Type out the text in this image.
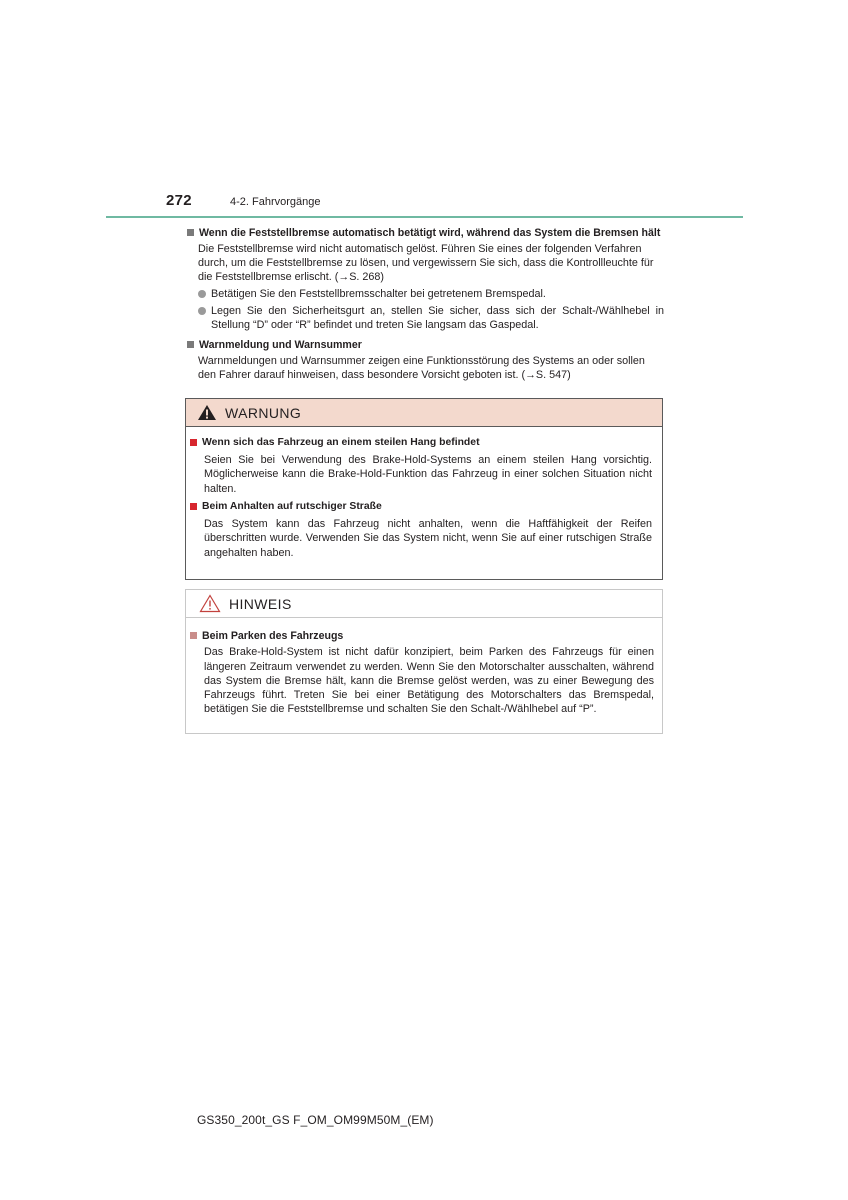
272	4-2. Fahrvorgänge
Wenn die Feststellbremse automatisch betätigt wird, während das System die Bremsen hält
Die Feststellbremse wird nicht automatisch gelöst. Führen Sie eines der folgenden Verfahren durch, um die Feststellbremse zu lösen, und vergewissern Sie sich, dass die Kontrollleuchte für die Feststellbremse erlischt. (→S. 268)
Betätigen Sie den Feststellbremsschalter bei getretenem Bremspedal.
Legen Sie den Sicherheitsgurt an, stellen Sie sicher, dass sich der Schalt-/Wählhebel in Stellung “D” oder “R” befindet und treten Sie langsam das Gaspedal.
Warnmeldung und Warnsummer
Warnmeldungen und Warnsummer zeigen eine Funktionsstörung des Systems an oder sollen den Fahrer darauf hinweisen, dass besondere Vorsicht geboten ist. (→S. 547)
WARNUNG
Wenn sich das Fahrzeug an einem steilen Hang befindet
Seien Sie bei Verwendung des Brake-Hold-Systems an einem steilen Hang vorsichtig. Möglicherweise kann die Brake-Hold-Funktion das Fahrzeug in einer solchen Situation nicht halten.
Beim Anhalten auf rutschiger Straße
Das System kann das Fahrzeug nicht anhalten, wenn die Haftfähigkeit der Reifen überschritten wurde. Verwenden Sie das System nicht, wenn Sie auf einer rutschigen Straße angehalten haben.
HINWEIS
Beim Parken des Fahrzeugs
Das Brake-Hold-System ist nicht dafür konzipiert, beim Parken des Fahrzeugs für einen längeren Zeitraum verwendet zu werden. Wenn Sie den Motorschalter ausschalten, während das System die Bremse hält, kann die Bremse gelöst werden, was zu einer Bewegung des Fahrzeugs führt. Treten Sie bei einer Betätigung des Motorschalters das Bremspedal, betätigen Sie die Feststellbremse und schalten Sie den Schalt-/Wählhebel auf “P”.
GS350_200t_GS F_OM_OM99M50M_(EM)
